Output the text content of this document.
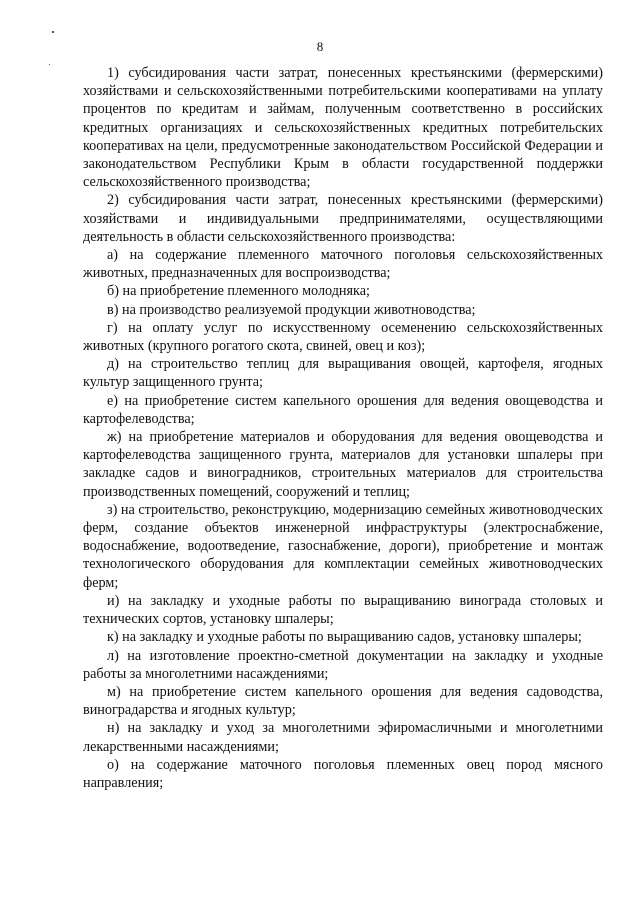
8

1) субсидирования части затрат, понесенных крестьянскими (фермерскими) хозяйствами и сельскохозяйственными потребительскими кооперативами на уплату процентов по кредитам и займам, полученным соответственно в российских кредитных организациях и сельскохозяйственных кредитных потребительских кооперативах на цели, предусмотренные законодательством Российской Федерации и законодательством Республики Крым в области государственной поддержки сельскохозяйственного производства;

2) субсидирования части затрат, понесенных крестьянскими (фермерскими) хозяйствами и индивидуальными предпринимателями, осуществляющими деятельность в области сельскохозяйственного производства:

а) на содержание племенного маточного поголовья сельскохозяйственных животных, предназначенных для воспроизводства;

б) на приобретение племенного молодняка;

в) на производство реализуемой продукции животноводства;

г) на оплату услуг по искусственному осеменению сельскохозяйственных животных (крупного рогатого скота, свиней, овец и коз);

д) на строительство теплиц для выращивания овощей, картофеля, ягодных культур защищенного грунта;

е) на приобретение систем капельного орошения для ведения овощеводства и картофелеводства;

ж) на приобретение материалов и оборудования для ведения овощеводства и картофелеводства защищенного грунта, материалов для установки шпалеры при закладке садов и виноградников, строительных материалов для строительства производственных помещений, сооружений и теплиц;

з) на строительство, реконструкцию, модернизацию семейных животноводческих ферм, создание объектов инженерной инфраструктуры (электроснабжение, водоснабжение, водоотведение, газоснабжение, дороги), приобретение и монтаж технологического оборудования для комплектации семейных животноводческих ферм;

и) на закладку и уходные работы по выращиванию винограда столовых и технических сортов, установку шпалеры;

к) на закладку и уходные работы по выращиванию садов, установку шпалеры;

л) на изготовление проектно-сметной документации на закладку и уходные работы за многолетними насаждениями;

м) на приобретение систем капельного орошения для ведения садоводства, виноградарства и ягодных культур;

н) на закладку и уход за многолетними эфиромасличными и многолетними лекарственными насаждениями;

о) на содержание маточного поголовья племенных овец пород мясного направления;
